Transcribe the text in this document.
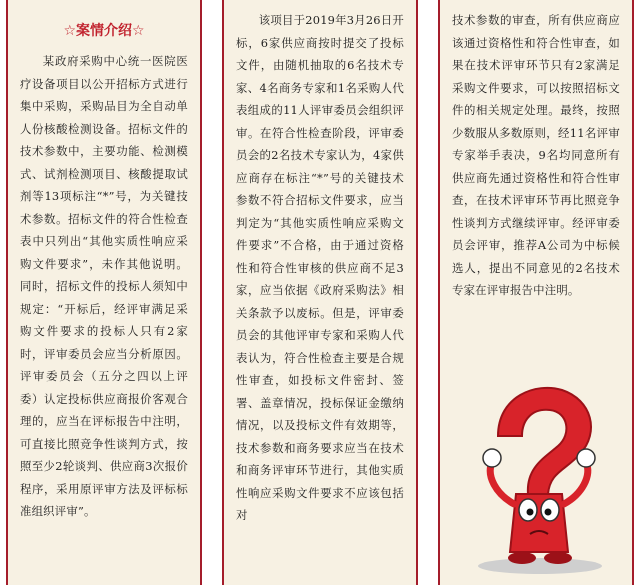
☆案情介绍☆

某政府采购中心统一医院医疗设备项目以公开招标方式进行集中采购，采购品目为全自动单人份核酸检测设备。招标文件的技术参数中，主要功能、检测模式、试剂检测项目、核酸提取试剂等13项标注“*”号，为关键技术参数。招标文件的符合性检查表中只列出“其他实质性响应采购文件要求”，未作其他说明。同时，招标文件的投标人须知中规定：“开标后，经评审满足采购文件要求的投标人只有2家时，评审委员会应当分析原因。评审委员会（五分之四以上评委）认定投标供应商报价客观合理的，应当在评标报告中注明，可直接比照竞争性谈判方式，按照至少2轮谈判、供应商3次报价程序，采用原评审方法及评标标准组织评审”。

该项目于2019年3月26日开标，6家供应商按时提交了投标文件，由随机抽取的6名技术专家、4名商务专家和1名采购人代表组成的11人评审委员会组织评审。在符合性检查阶段，评审委员会的2名技术专家认为，4家供应商存在标注“*”号的关键技术参数不符合招标文件要求，应当判定为“其他实质性响应采购文件要求”不合格，由于通过资格性和符合性审核的供应商不足3家，应当依据《政府采购法》相关条款予以废标。但是，评审委员会的其他评审专家和采购人代表认为，符合性检查主要是合规性审查，如投标文件密封、签署、盖章情况，投标保证金缴纳情况，以及投标文件有效期等，技术参数和商务要求应当在技术和商务评审环节进行，其他实质性响应采购文件要求不应该包括对

技术参数的审查，所有供应商应该通过资格性和符合性审查，如果在技术评审环节只有2家满足采购文件要求，可以按照招标文件的相关规定处理。最终，按照少数服从多数原则，经11名评审专家举手表决，9名均同意所有供应商先通过资格性和符合性审查，在技术评审环节再比照竞争性谈判方式继续评审。经评审委员会评审，推荐A公司为中标候选人，提出不同意见的2名技术专家在评审报告中注明。
